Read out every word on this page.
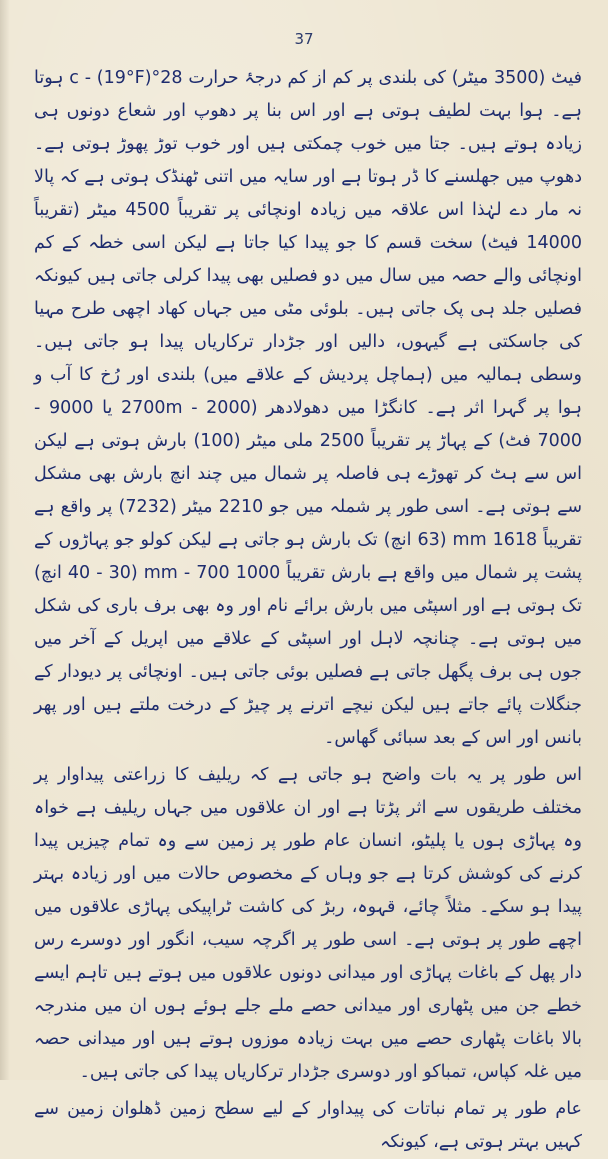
37

فیٹ (3500 میٹر) کی بلندی پر کم از کم درجۂ حرارت 28°c - (19°F) ہوتا ہے۔ ہوا بہت لطیف ہوتی ہے اور اس بنا پر دھوپ اور شعاع دونوں ہی زیادہ ہوتے ہیں۔ جتا میں خوب چمکتی ہیں اور خوب توڑ پھوڑ ہوتی ہے۔ دھوپ میں جھلسنے کا ڈر ہوتا ہے اور سایہ میں اتنی ٹھنڈک ہوتی ہے کہ پالا نہ مار دے لہٰذا اس علاقہ میں زیادہ اونچائی پر تقریباً 4500 میٹر (تقریباً 14000 فیٹ) سخت قسم کا جو پیدا کیا جاتا ہے لیکن اسی خطہ کے کم اونچائی والے حصہ میں سال میں دو فصلیں بھی پیدا کرلی جاتی ہیں کیونکہ فصلیں جلد ہی پک جاتی ہیں۔ بلوئی مٹی میں جہاں کھاد اچھی طرح مہیا کی جاسکتی ہے گیہوں، دالیں اور جڑدار ترکاریاں پیدا ہو جاتی ہیں۔ وسطی ہمالیہ میں (ہماچل پردیش کے علاقے میں) بلندی اور رُخ کا آب و ہوا پر گہرا اثر ہے۔ کانگڑا میں دھولادھر (2700m - 2000 یا 9000 - 7000 فٹ) کے پہاڑ پر تقریباً 2500 ملی میٹر (100) بارش ہوتی ہے لیکن اس سے ہٹ کر تھوڑے ہی فاصلہ پر شمال میں چند انچ بارش بھی مشکل سے ہوتی ہے۔ اسی طور پر شملہ میں جو 2210 میٹر (7232) پر واقع ہے تقریباً 1618 mm (63 انچ) تک بارش ہو جاتی ہے لیکن کولو جو پہاڑوں کے پشت پر شمال میں واقع ہے بارش تقریباً 1000 mm - 700 (40 - 30 انچ) تک ہوتی ہے اور اسپٹی میں بارش برائے نام اور وہ بھی برف باری کی شکل میں ہوتی ہے۔ چنانچہ لاہل اور اسپٹی کے علاقے میں اپریل کے آخر میں جوں ہی برف پگھل جاتی ہے فصلیں بوئی جاتی ہیں۔ اونچائی پر دیودار کے جنگلات پائے جاتے ہیں لیکن نیچے اترنے پر چیڑ کے درخت ملتے ہیں اور پھر بانس اور اس کے بعد سبائی گھاس۔

اس طور پر یہ بات واضح ہو جاتی ہے کہ ریلیف کا زراعتی پیداوار پر مختلف طریقوں سے اثر پڑتا ہے اور ان علاقوں میں جہاں ریلیف ہے خواہ وہ پہاڑی ہوں یا پلیٹو، انسان عام طور پر زمین سے وہ تمام چیزیں پیدا کرنے کی کوشش کرتا ہے جو وہاں کے مخصوص حالات میں اور زیادہ بہتر پیدا ہو سکے۔ مثلاً چائے، قہوہ، ربڑ کی کاشت ٹراپیکی پہاڑی علاقوں میں اچھے طور پر ہوتی ہے۔ اسی طور پر اگرچہ سیب، انگور اور دوسرے رس دار پھل کے باغات پہاڑی اور میدانی دونوں علاقوں میں ہوتے ہیں تاہم ایسے خطے جن میں پٹھاری اور میدانی حصے ملے جلے ہوئے ہوں ان میں مندرجہ بالا باغات پٹھاری حصے میں بہت زیادہ موزوں ہوتے ہیں اور میدانی حصہ میں غلہ کپاس، تمباکو اور دوسری جڑدار ترکاریاں پیدا کی جاتی ہیں۔

عام طور پر تمام نباتات کی پیداوار کے لیے سطح زمین ڈھلوان زمین سے کہیں بہتر ہوتی ہے، کیونکہ
